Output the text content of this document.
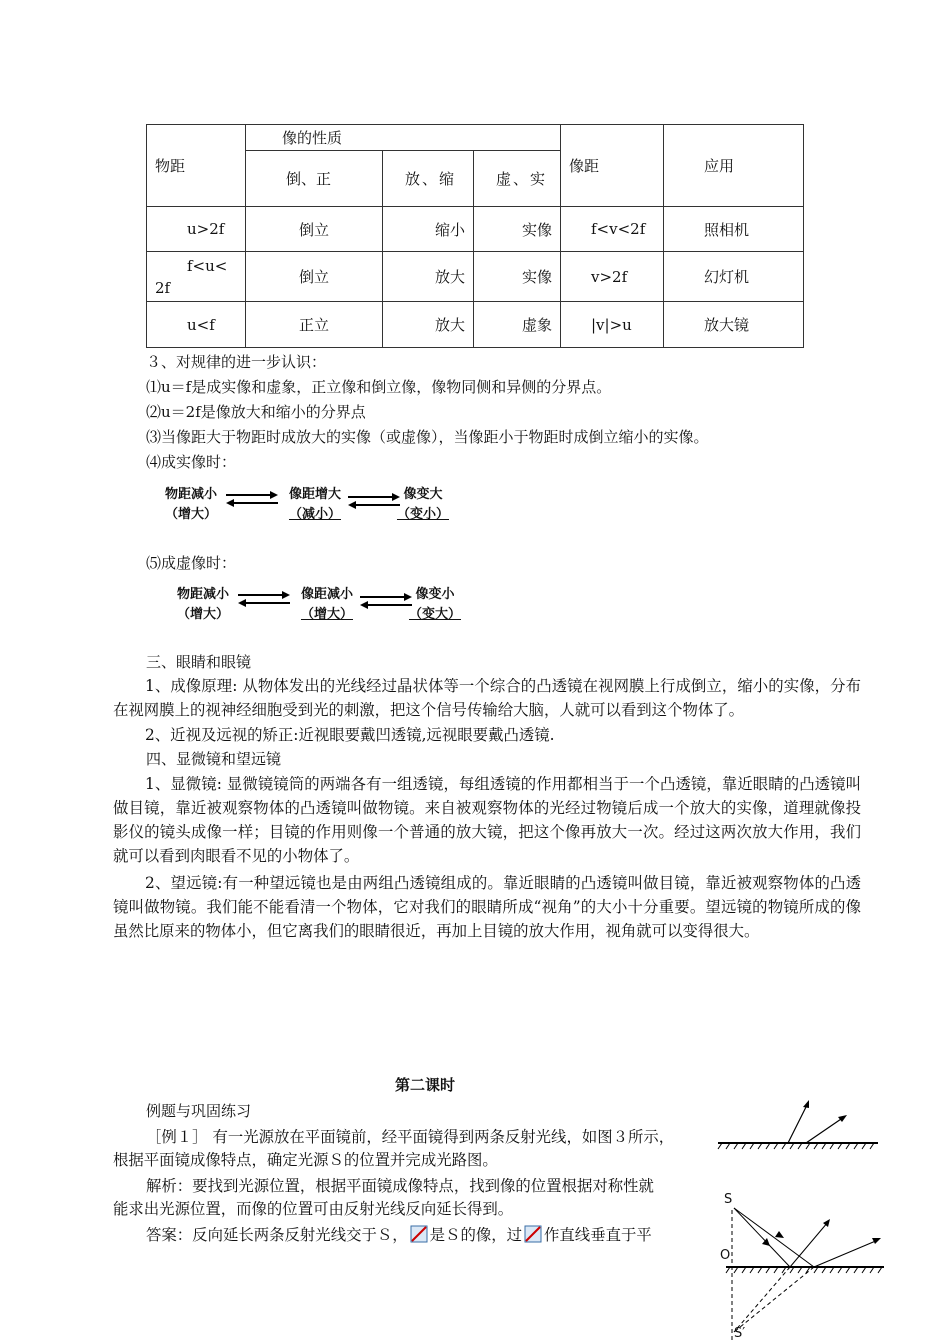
物距	像的性质			像距	应用
	倒、正	放、缩	虚、实		

u>2f	倒立	缩小	实像	f<v<2f	照相机

f<u<2f	倒立	放大	实像	v>2f	幻灯机
u<f	正立	放大	虚象	|v|>u	放大镜
３、对规律的进一步认识：
⑴u＝f是成实像和虚象，正立像和倒立像，像物同侧和异侧的分界点。
⑵u＝2f是像放大和缩小的分界点
⑶当像距大于物距时成放大的实像（或虚像），当像距小于物距时成倒立缩小的实像。
⑷成实像时：
物距减小
（增大）
像距增大
（减小）
像变大
（变小）
⑸成虚像时：
物距减小
（增大）
像距减小
（增大）
像变小
（变大）
三、眼睛和眼镜
1、成像原理: 从物体发出的光线经过晶状体等一个综合的凸透镜在视网膜上行成倒立，缩小的实像，分布在视网膜上的视神经细胞受到光的刺激，把这个信号传输给大脑，人就可以看到这个物体了。
2、近视及远视的矫正:近视眼要戴凹透镜,远视眼要戴凸透镜.
四、显微镜和望远镜
1、显微镜: 显微镜镜筒的两端各有一组透镜，每组透镜的作用都相当于一个凸透镜，靠近眼睛的凸透镜叫做目镜，靠近被观察物体的凸透镜叫做物镜。来自被观察物体的光经过物镜后成一个放大的实像，道理就像投影仪的镜头成像一样；目镜的作用则像一个普通的放大镜，把这个像再放大一次。经过这两次放大作用，我们就可以看到肉眼看不见的小物体了。
2、望远镜:有一种望远镜也是由两组凸透镜组成的。靠近眼睛的凸透镜叫做目镜，靠近被观察物体的凸透镜叫做物镜。我们能不能看清一个物体，它对我们的眼睛所成“视角”的大小十分重要。望远镜的物镜所成的像虽然比原来的物体小，但它离我们的眼睛很近，再加上目镜的放大作用，视角就可以变得很大。
第二课时
例题与巩固练习
［例１］ 有一光源放在平面镜前，经平面镜得到两条反射光线，如图３所示，
根据平面镜成像特点，确定光源Ｓ的位置并完成光路图。
解析：要找到光源位置，根据平面镜成像特点，找到像的位置根据对称性就
能求出光源位置，而像的位置可由反射光线反向延长得到。
答案：反向延长两条反射光线交于Ｓ， 是Ｓ的像，过 作直线垂直于平
S
O
S′
